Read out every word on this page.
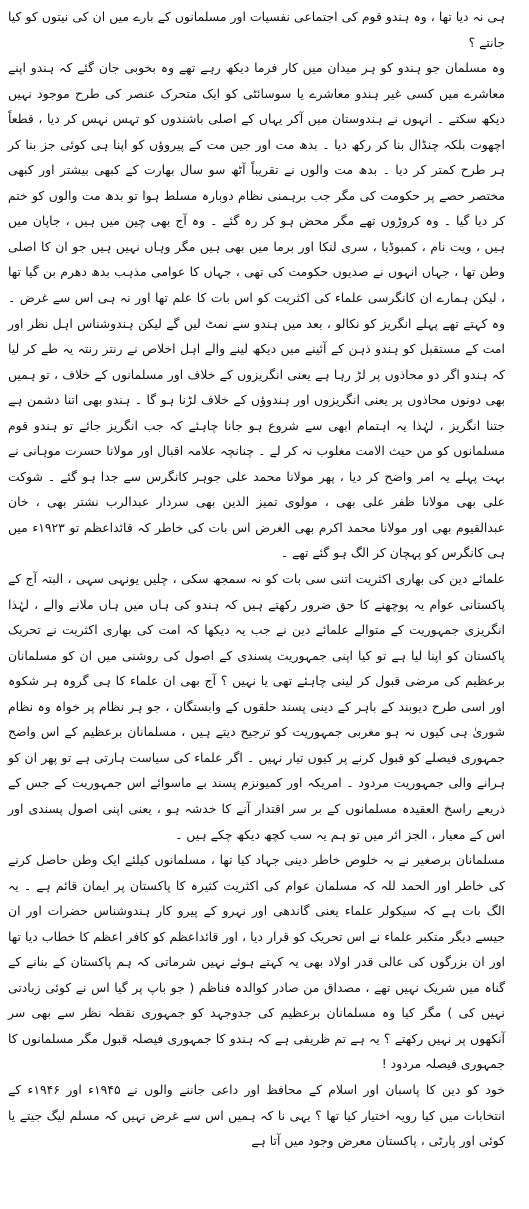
ہی نہ دیا تھا ، وہ ہندو قوم کی اجتماعی نفسیات اور مسلمانوں کے بارے میں ان کی نیتوں کو کیا جانتے ؟

وہ مسلمان جو ہندو کو ہر میدان میں کار فرما دیکھ رہے تھے وہ بخوبی جان گئے کہ ہندو اپنے معاشرے میں کسی غیر ہندو معاشرے یا سوسائٹی کو ایک متحرک عنصر کی طرح موجود نہیں دیکھ سکتے ۔ انہوں نے ہندوستان میں آکر یہاں کے اصلی باشندوں کو تہس نہس کر دیا ، قطعاً اچھوت بلکہ چنڈال بنا کر رکھ دیا ۔ بدھ مت اور جین مت کے پیروؤں کو اپنا ہی کوئی جز بنا کر ہر طرح کمتر کر دیا ۔ بدھ مت والوں نے تقریباً آٹھ سو سال بھارت کے کبھی بیشتر اور کبھی مختصر حصے پر حکومت کی مگر جب برہمنی نظام دوبارہ مسلط ہوا تو بدھ مت والوں کو ختم کر دیا گیا ۔ وہ کروڑوں تھے مگر محض ہو کر رہ گئے ۔ وہ آج بھی چین میں ہیں ، جاپان میں ہیں ، ویت نام ، کمبوڈیا ، سری لنکا اور برما میں بھی ہیں مگر وہاں نہیں ہیں جو ان کا اصلی وطن تھا ، جہاں انہوں نے صدیوں حکومت کی تھی ، جہاں کا عوامی مذہب بدھ دھرم بن گیا تھا ، لیکن ہمارے ان کانگرسی علماء کی اکثریت کو اس بات کا علم تھا اور نہ ہی اس سے غرض ۔ وہ کہتے تھے پہلے انگریز کو نکالو ، بعد میں ہندو سے نمٹ لیں گے لیکن ہندوشناس اہل نظر اور امت کے مستقبل کو ہندو ذہن کے آئینے میں دیکھ لینے والے اہل اخلاص نے رنتر رنتہ یہ طے کر لیا کہ ہندو اگر دو محاذوں پر لڑ رہا ہے یعنی انگریزوں کے خلاف اور مسلمانوں کے خلاف ، تو ہمیں بھی دونوں محاذوں پر یعنی انگریزوں اور ہندوؤں کے خلاف لڑنا ہو گا ۔ ہندو بھی اتنا دشمن ہے جتنا انگریز ، لہٰذا یہ اہتمام ابھی سے شروع ہو جانا چاہئے کہ جب انگریز جائے تو ہندو قوم مسلمانوں کو من حیث الامت مغلوب نہ کر لے ۔ چنانچہ علامہ اقبال اور مولانا حسرت موہانی نے بہت پہلے یہ امر واضح کر دیا ، پھر مولانا محمد علی جوہر کانگرس سے جدا ہو گئے ۔ شوکت علی بھی مولانا ظفر علی بھی ، مولوی تمیز الدین بھی سردار عبدالرب نشتر بھی ، خان عبدالقیوم بھی اور مولانا محمد اکرم بھی الغرض اس بات کی خاطر کہ قائداعظم تو ۱۹۲۳ء میں ہی کانگرس کو پہچان کر الگ ہو گئے تھے ۔

علمائے دین کی بھاری اکثریت اتنی سی بات کو نہ سمجھ سکی ، چلیں یونہی سہی ، البتہ آج کے پاکستانی عوام یہ پوچھنے کا حق ضرور رکھتے ہیں کہ ہندو کی ہاں میں ہاں ملانے والے ، لہٰذا انگریزی جمہوریت کے متوالے علمائے دین نے جب یہ دیکھا کہ امت کی بھاری اکثریت نے تحریک پاکستان کو اپنا لیا ہے تو کیا اپنی جمہوریت پسندی کے اصول کی روشنی میں ان کو مسلمانان برعظیم کی مرضی قبول کر لینی چاہئے تھی یا نہیں ؟ آج بھی ان علماء کا ہی گروہ ہر شکوہ اور اسی طرح دیوبند کے باہر کے دینی پسند حلقوں کے وابستگان ، جو ہر نظام پر خواہ وہ نظام شوریٰ ہی کیوں نہ ہو مغربی جمہوریت کو ترجیح دیتے ہیں ، مسلمانان برعظیم کے اس واضح جمہوری فیصلے کو قبول کرنے پر کیوں تیار نہیں ۔ اگر علماء کی سیاست ہارتی ہے تو پھر ان کو ہرانے والی جمہوریت مردود ۔ امریکہ اور کمیونزم پسند بے ماسوائے اس جمہوریت کے جس کے ذریعے راسخ العقیدہ مسلمانوں کے بر سر اقتدار آنے کا خدشہ ہو ، یعنی اپنی اصول پسندی اور اس کے معیار ، الجز ائر میں تو ہم یہ سب کچھ دیکھ چکے ہیں ۔

مسلمانان برصغیر نے بہ خلوص خاطر دینی جہاد کیا تھا ، مسلمانوں کیلئے ایک وطن حاصل کرنے کی خاطر اور الحمد للہ کہ مسلمان عوام کی اکثریت کثیرہ کا پاکستان پر ایمان قائم ہے ۔ یہ الگ بات ہے کہ سیکولر علماء یعنی گاندھی اور نہرو کے پیرو کار ہندوشناس حضرات اور ان جیسے دیگر متکبر علماء نے اس تحریک کو قرار دیا ، اور قائداعظم کو کافر اعظم کا خطاب دیا تھا اور ان بزرگوں کی عالی قدر اولاد بھی یہ کہتے ہوئے نہیں شرماتی کہ ہم پاکستان کے بنانے کے گناہ میں شریک نہیں تھے ، مصداق من صادر کوالدہ فناظم ( جو باپ پر گیا اس نے کوئی زیادتی نہیں کی ) مگر کیا وہ مسلمانان برعظیم کی جدوجہد کو جمہوری نقطہ نظر سے بھی سر آنکھوں پر نہیں رکھتے ؟ یہ ہے تم ظریفی ہے کہ ہندو کا جمہوری فیصلہ قبول مگر مسلمانوں کا جمہوری فیصلہ مردود !

خود کو دین کا پاسبان اور اسلام کے محافظ اور داعی جاننے والوں نے ۱۹۴۵ء اور ۱۹۴۶ء کے انتخابات میں کیا رویہ اختیار کیا تھا ؟ یہی نا کہ ہمیں اس سے غرض نہیں کہ مسلم لیگ جیتے یا کوئی اور پارٹی ، پاکستان معرض وجود میں آتا ہے
